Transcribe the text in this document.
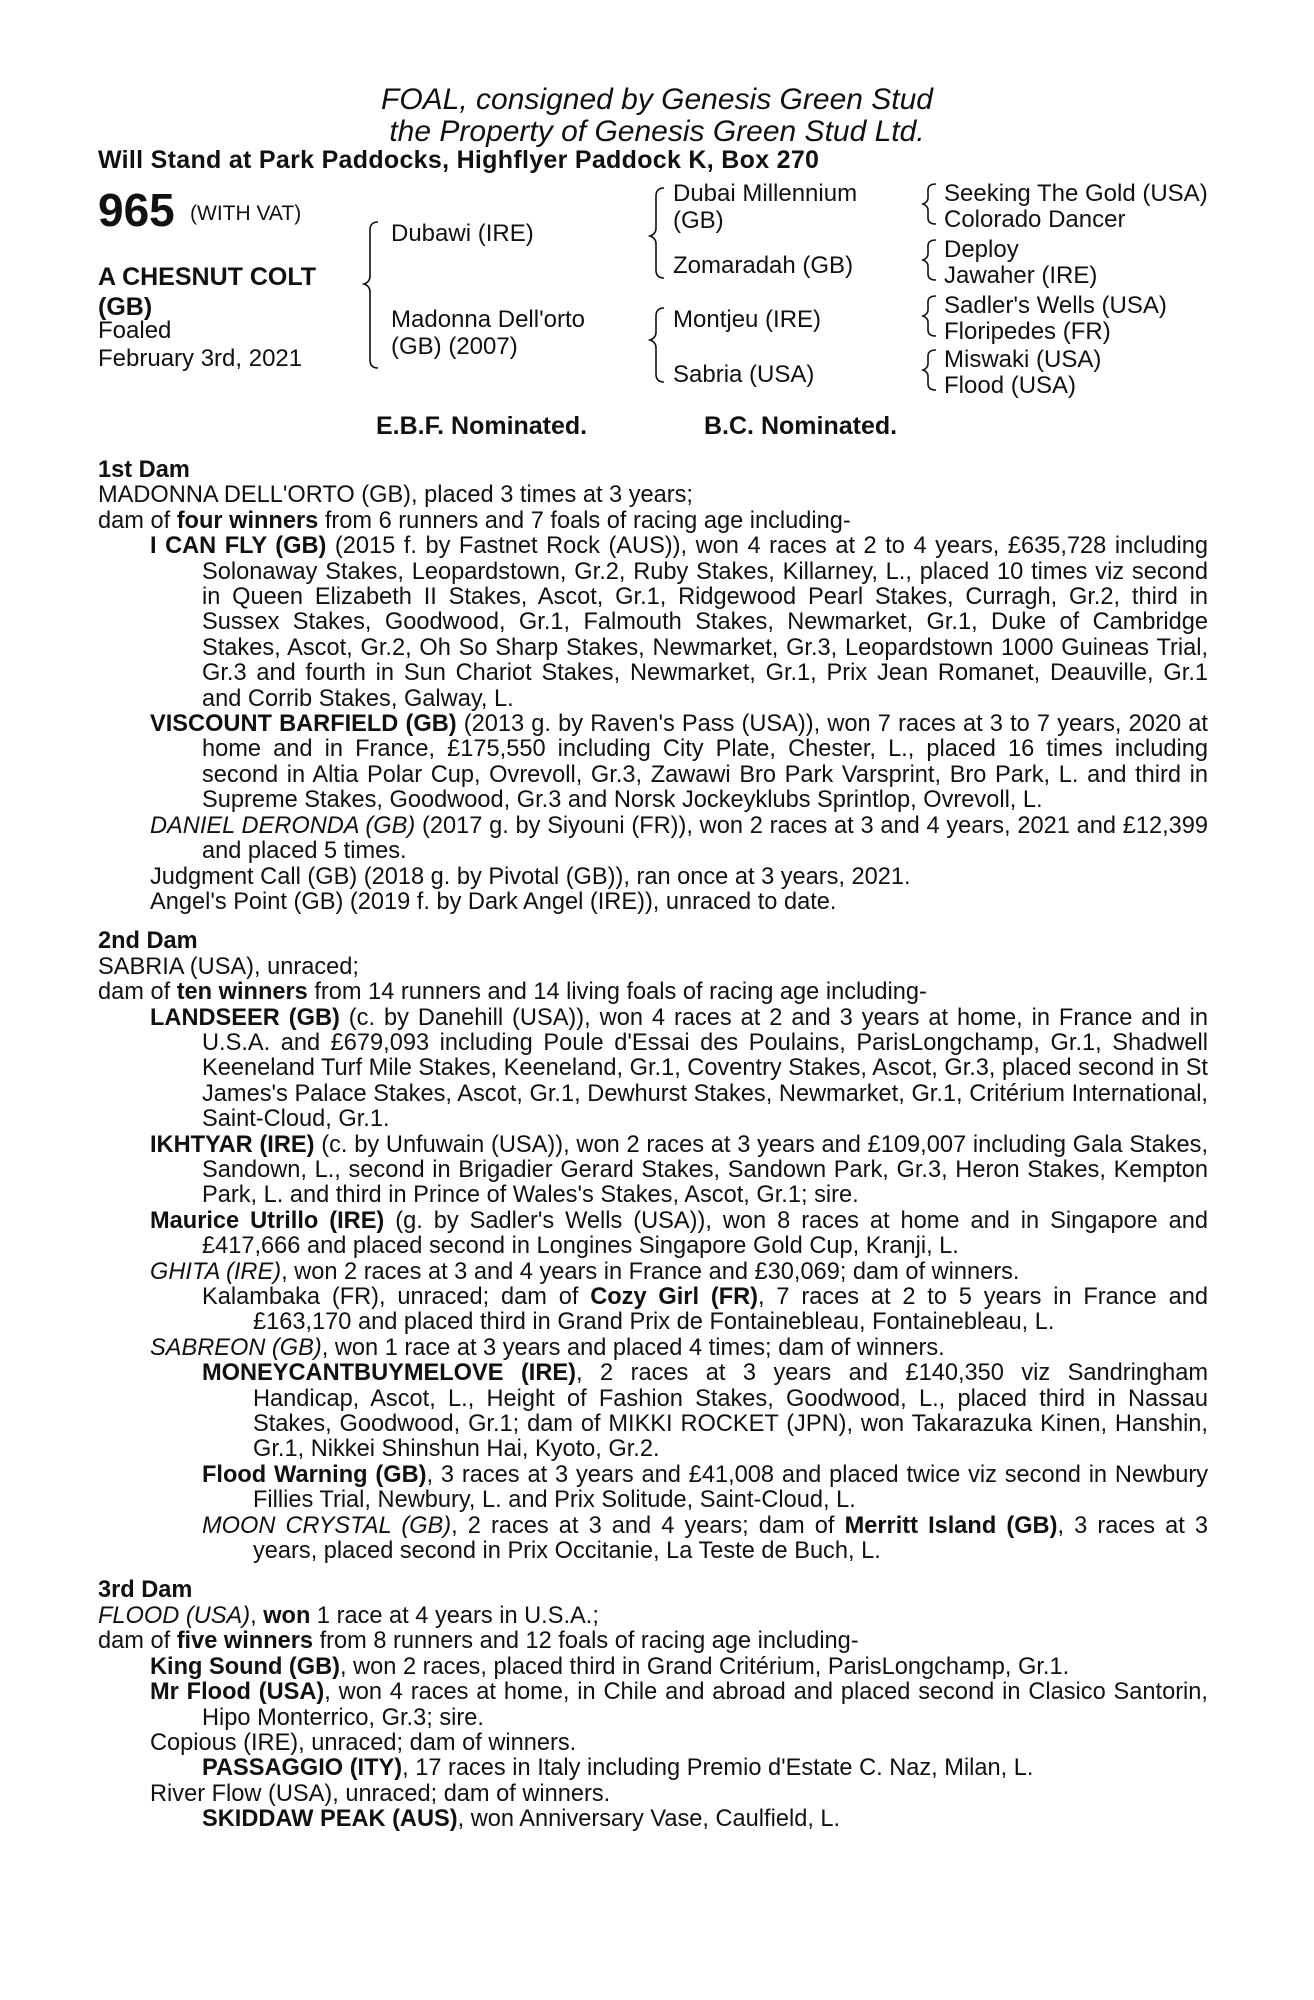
FOAL, consigned by Genesis Green Stud
the Property of Genesis Green Stud Ltd.
Will Stand at Park Paddocks, Highflyer Paddock K, Box 270
965 (WITH VAT)
A CHESNUT COLT (GB)
Foaled
February 3rd, 2021
Dubawi (IRE)
Madonna Dell'orto (GB) (2007)
Dubai Millennium (GB)
Zomaradah (GB)
Montjeu (IRE)
Sabria (USA)
Seeking The Gold (USA)
Colorado Dancer
Deploy
Jawaher (IRE)
Sadler's Wells (USA)
Floripedes (FR)
Miswaki (USA)
Flood (USA)
E.B.F. Nominated.	B.C. Nominated.
1st Dam
MADONNA DELL'ORTO (GB), placed 3 times at 3 years;
dam of four winners from 6 runners and 7 foals of racing age including-
I CAN FLY (GB) (2015 f. by Fastnet Rock (AUS)), won 4 races at 2 to 4 years, £635,728 including Solonaway Stakes, Leopardstown, Gr.2, Ruby Stakes, Killarney, L., placed 10 times viz second in Queen Elizabeth II Stakes, Ascot, Gr.1, Ridgewood Pearl Stakes, Curragh, Gr.2, third in Sussex Stakes, Goodwood, Gr.1, Falmouth Stakes, Newmarket, Gr.1, Duke of Cambridge Stakes, Ascot, Gr.2, Oh So Sharp Stakes, Newmarket, Gr.3, Leopardstown 1000 Guineas Trial, Gr.3 and fourth in Sun Chariot Stakes, Newmarket, Gr.1, Prix Jean Romanet, Deauville, Gr.1 and Corrib Stakes, Galway, L.
VISCOUNT BARFIELD (GB) (2013 g. by Raven's Pass (USA)), won 7 races at 3 to 7 years, 2020 at home and in France, £175,550 including City Plate, Chester, L., placed 16 times including second in Altia Polar Cup, Ovrevoll, Gr.3, Zawawi Bro Park Varsprint, Bro Park, L. and third in Supreme Stakes, Goodwood, Gr.3 and Norsk Jockeyklubs Sprintlop, Ovrevoll, L.
DANIEL DERONDA (GB) (2017 g. by Siyouni (FR)), won 2 races at 3 and 4 years, 2021 and £12,399 and placed 5 times.
Judgment Call (GB) (2018 g. by Pivotal (GB)), ran once at 3 years, 2021.
Angel's Point (GB) (2019 f. by Dark Angel (IRE)), unraced to date.
2nd Dam
SABRIA (USA), unraced;
dam of ten winners from 14 runners and 14 living foals of racing age including-
LANDSEER (GB) (c. by Danehill (USA)), won 4 races at 2 and 3 years at home, in France and in U.S.A. and £679,093 including Poule d'Essai des Poulains, ParisLongchamp, Gr.1, Shadwell Keeneland Turf Mile Stakes, Keeneland, Gr.1, Coventry Stakes, Ascot, Gr.3, placed second in St James's Palace Stakes, Ascot, Gr.1, Dewhurst Stakes, Newmarket, Gr.1, Critérium International, Saint-Cloud, Gr.1.
IKHTYAR (IRE) (c. by Unfuwain (USA)), won 2 races at 3 years and £109,007 including Gala Stakes, Sandown, L., second in Brigadier Gerard Stakes, Sandown Park, Gr.3, Heron Stakes, Kempton Park, L. and third in Prince of Wales's Stakes, Ascot, Gr.1; sire.
Maurice Utrillo (IRE) (g. by Sadler's Wells (USA)), won 8 races at home and in Singapore and £417,666 and placed second in Longines Singapore Gold Cup, Kranji, L.
GHITA (IRE), won 2 races at 3 and 4 years in France and £30,069; dam of winners.
Kalambaka (FR), unraced; dam of Cozy Girl (FR), 7 races at 2 to 5 years in France and £163,170 and placed third in Grand Prix de Fontainebleau, Fontainebleau, L.
SABREON (GB), won 1 race at 3 years and placed 4 times; dam of winners.
MONEYCANTBUYMELOVE (IRE), 2 races at 3 years and £140,350 viz Sandringham Handicap, Ascot, L., Height of Fashion Stakes, Goodwood, L., placed third in Nassau Stakes, Goodwood, Gr.1; dam of MIKKI ROCKET (JPN), won Takarazuka Kinen, Hanshin, Gr.1, Nikkei Shinshun Hai, Kyoto, Gr.2.
Flood Warning (GB), 3 races at 3 years and £41,008 and placed twice viz second in Newbury Fillies Trial, Newbury, L. and Prix Solitude, Saint-Cloud, L.
MOON CRYSTAL (GB), 2 races at 3 and 4 years; dam of Merritt Island (GB), 3 races at 3 years, placed second in Prix Occitanie, La Teste de Buch, L.
3rd Dam
FLOOD (USA), won 1 race at 4 years in U.S.A.;
dam of five winners from 8 runners and 12 foals of racing age including-
King Sound (GB), won 2 races, placed third in Grand Critérium, ParisLongchamp, Gr.1.
Mr Flood (USA), won 4 races at home, in Chile and abroad and placed second in Clasico Santorin, Hipo Monterrico, Gr.3; sire.
Copious (IRE), unraced; dam of winners.
PASSAGGIO (ITY), 17 races in Italy including Premio d'Estate C. Naz, Milan, L.
River Flow (USA), unraced; dam of winners.
SKIDDAW PEAK (AUS), won Anniversary Vase, Caulfield, L.
